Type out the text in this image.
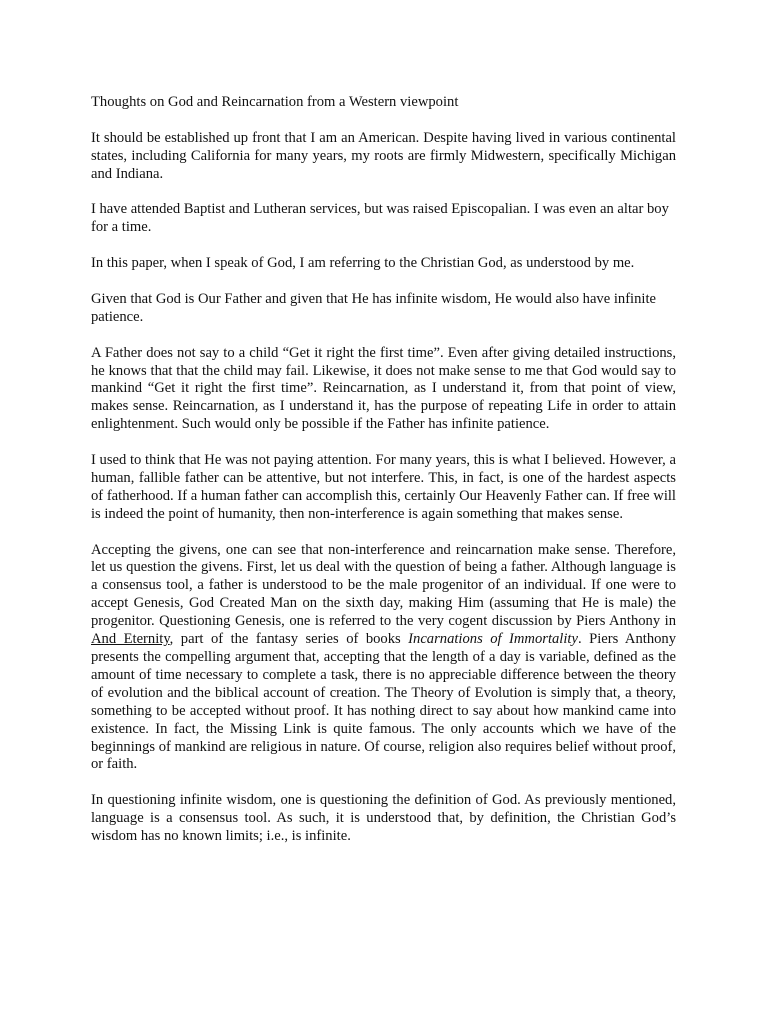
Thoughts on God and Reincarnation from a Western viewpoint

It should be established up front that I am an American. Despite having lived in various continental states, including California for many years, my roots are firmly Midwestern, specifically Michigan and Indiana.

I have attended Baptist and Lutheran services, but was raised Episcopalian. I was even an altar boy for a time.

In this paper, when I speak of God, I am referring to the Christian God, as understood by me.

Given that God is Our Father and given that He has infinite wisdom, He would also have infinite patience.

A Father does not say to a child “Get it right the first time”. Even after giving detailed instructions, he knows that that the child may fail. Likewise, it does not make sense to me that God would say to mankind “Get it right the first time”. Reincarnation, as I understand it, from that point of view, makes sense. Reincarnation, as I understand it, has the purpose of repeating Life in order to attain enlightenment. Such would only be possible if the Father has infinite patience.

I used to think that He was not paying attention. For many years, this is what I believed. However, a human, fallible father can be attentive, but not interfere. This, in fact, is one of the hardest aspects of fatherhood. If a human father can accomplish this, certainly Our Heavenly Father can. If free will is indeed the point of humanity, then non-interference is again something that makes sense.

Accepting the givens, one can see that non-interference and reincarnation make sense. Therefore, let us question the givens. First, let us deal with the question of being a father. Although language is a consensus tool, a father is understood to be the male progenitor of an individual. If one were to accept Genesis, God Created Man on the sixth day, making Him (assuming that He is male) the progenitor. Questioning Genesis, one is referred to the very cogent discussion by Piers Anthony in And Eternity, part of the fantasy series of books Incarnations of Immortality. Piers Anthony presents the compelling argument that, accepting that the length of a day is variable, defined as the amount of time necessary to complete a task, there is no appreciable difference between the theory of evolution and the biblical account of creation. The Theory of Evolution is simply that, a theory, something to be accepted without proof. It has nothing direct to say about how mankind came into existence. In fact, the Missing Link is quite famous. The only accounts which we have of the beginnings of mankind are religious in nature. Of course, religion also requires belief without proof, or faith.

In questioning infinite wisdom, one is questioning the definition of God. As previously mentioned, language is a consensus tool. As such, it is understood that, by definition, the Christian God’s wisdom has no known limits; i.e., is infinite.
